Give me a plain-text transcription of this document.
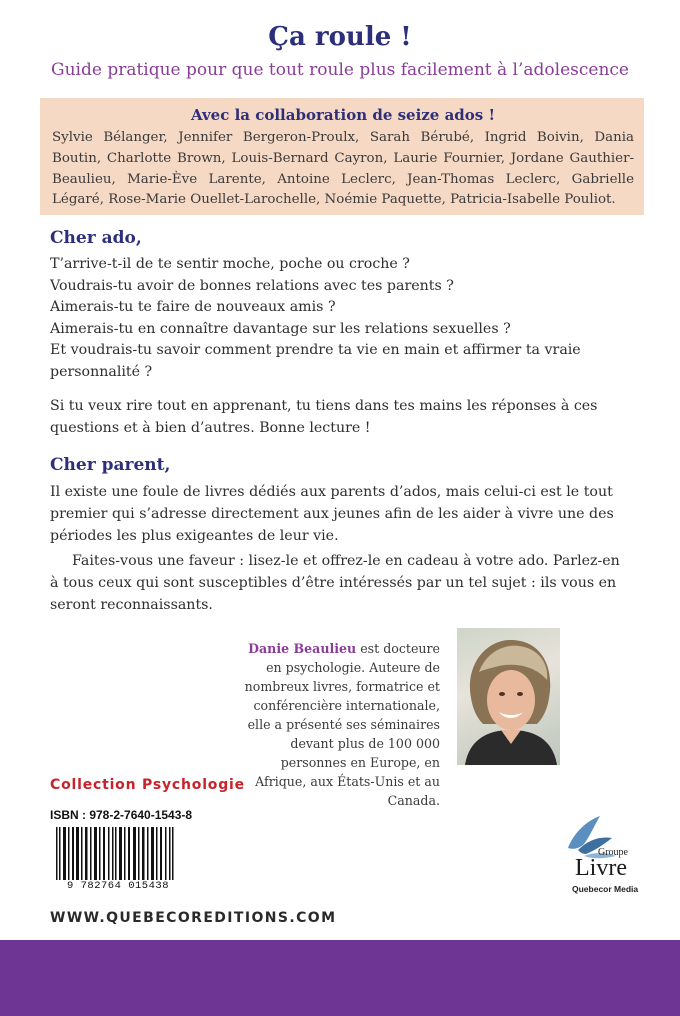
Ça roule !

Guide pratique pour que tout roule plus facilement à l’adolescence

Avec la collaboration de seize ados !

Sylvie Bélanger, Jennifer Bergeron-Proulx, Sarah Bérubé, Ingrid Boivin, Dania Boutin, Charlotte Brown, Louis-Bernard Cayron, Laurie Fournier, Jordane Gauthier-Beaulieu, Marie-Ève Larente, Antoine Leclerc, Jean-Thomas Leclerc, Gabrielle Légaré, Rose-Marie Ouellet-Larochelle, Noémie Paquette, Patricia-Isabelle Pouliot.

Cher ado,
T’arrive-t-il de te sentir moche, poche ou croche ?
Voudrais-tu avoir de bonnes relations avec tes parents ?
Aimerais-tu te faire de nouveaux amis ?
Aimerais-tu en connaître davantage sur les relations sexuelles ?
Et voudrais-tu savoir comment prendre ta vie en main et affirmer ta vraie personnalité ?

Si tu veux rire tout en apprenant, tu tiens dans tes mains les réponses à ces questions et à bien d’autres. Bonne lecture !

Cher parent,

Il existe une foule de livres dédiés aux parents d’ados, mais celui-ci est le tout premier qui s’adresse directement aux jeunes afin de les aider à vivre une des périodes les plus exigeantes de leur vie.

Faites-vous une faveur : lisez-le et offrez-le en cadeau à votre ado. Parlez-en à tous ceux qui sont susceptibles d’être intéressés par un tel sujet : ils vous en seront reconnaissants.

Danie Beaulieu est docteure en psychologie. Auteure de nombreux livres, formatrice et conférencière internationale, elle a présenté ses séminaires devant plus de 100 000 personnes en Europe, en Afrique, aux États-Unis et au Canada.

Collection Psychologie

ISBN : 978-2-7640-1543-8

9 782764 015438

Groupe

Livre

Quebecor Media

WWW.QUEBECOREDITIONS.COM
